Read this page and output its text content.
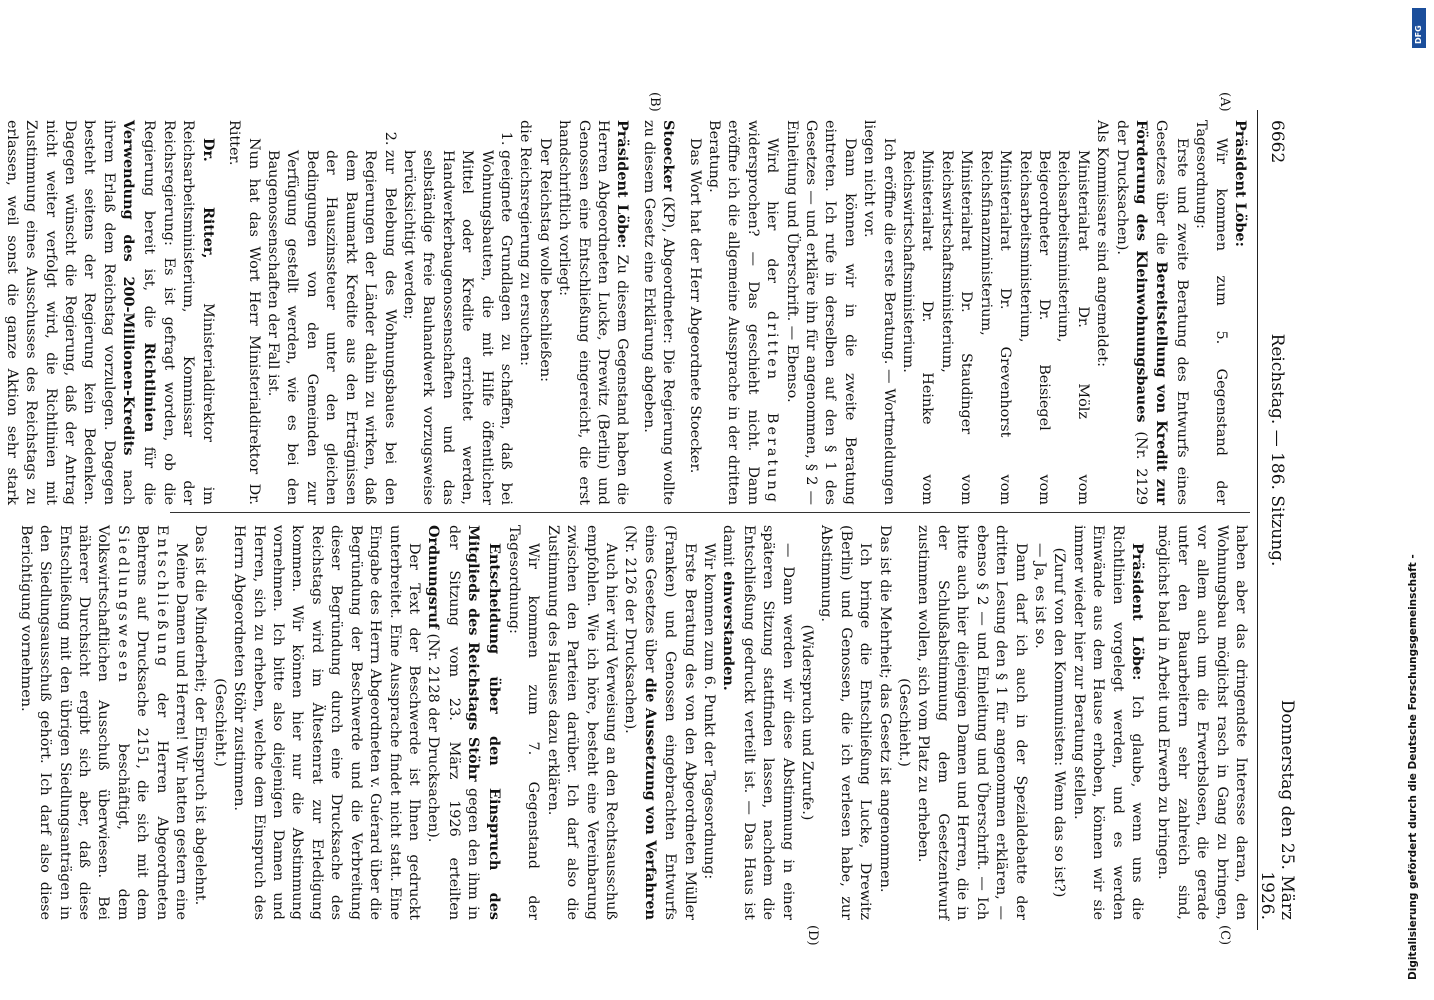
6662
Reichstag. — 186. Sitzung.
Donnerstag den 25. März 1926.
(A)
(B)
(C)
(D)

Präsident Löbe:

Wir kommen zum 5. Gegenstand der Tagesordnung:

Erste und zweite Beratung des Entwurfs eines Gesetzes über die Bereitstellung von Kredit zur Förderung des Kleinwohnungsbaues (Nr. 2129 der Drucksachen).

Als Kommissare sind angemeldet:

Ministerialrat Dr. Mölz vom Reichsarbeitsministerium,

Beigeordneter Dr. Beisiegel vom Reichsarbeitsministerium,

Ministerialrat Dr. Grevenhorst vom Reichsfinanzministerium,

Ministerialrat Dr. Staudinger vom Reichswirtschaftsministerium,

Ministerialrat Dr. Heinke vom Reichswirtschaftsministerium.

Ich eröffne die erste Beratung. — Wortmeldungen liegen nicht vor.

Dann können wir in die zweite Beratung eintreten. Ich rufe in derselben auf den § 1 des Gesetzes — und erkläre ihn für angenommen, § 2 — Einleitung und Überschrift. — Ebenso.

Wird hier der dritten Beratung widersprochen? — Das geschieht nicht. Dann eröffne ich die allgemeine Aussprache in der dritten Beratung.

Das Wort hat der Herr Abgeordnete Stoecker.

Stoecker (KP), Abgeordneter: Die Regierung wollte zu diesem Gesetz eine Erklärung abgeben.

Präsident Löbe: Zu diesem Gegenstand haben die Herren Abgeordneten Lucke, Drewitz (Berlin) und Genossen eine Entschließung eingereicht, die erst handschriftlich vorliegt:

Der Reichstag wolle beschließen:

die Reichsregierung zu ersuchen:

1. geeignete Grundlagen zu schaffen, daß bei Wohnungsbauten, die mit Hilfe öffentlicher Mittel oder Kredite errichtet werden, Handwerkerbaugenossenschaften und das selbständige freie Bauhandwerk vorzugsweise berücksichtigt werden;
2. zur Belebung des Wohnungsbaues bei den Regierungen der Länder dahin zu wirken, daß dem Baumarkt Kredite aus den Erträgnissen der Hauszinssteuer unter den gleichen Bedingungen von den Gemeinden zur Verfügung gestellt werden, wie es bei den Baugenossenschaften der Fall ist.

Nun hat das Wort Herr Ministerialdirektor Dr. Ritter.

Dr. Ritter, Ministerialdirektor im Reichsarbeitsministerium, Kommissar der Reichsregierung: Es ist gefragt worden, ob die Regierung bereit ist, die Richtlinien für die Verwendung des 200-Millionen-Kredits nach ihrem Erlaß dem Reichstag vorzulegen. Dagegen besteht seitens der Regierung kein Bedenken. Dagegen wünscht die Regierung, daß der Antrag nicht weiter verfolgt wird, die Richtlinien mit Zustimmung eines Ausschusses des Reichstags zu erlassen, weil sonst die ganze Aktion sehr stark

haben aber das dringendste Interesse daran, den Wohnungsbau möglichst rasch in Gang zu bringen, vor allem auch um die Erwerbslosen, die gerade unter den Bauarbeitern sehr zahlreich sind, möglichst bald in Arbeit und Erwerb zu bringen.

Präsident Löbe: Ich glaube, wenn uns die Richtlinien vorgelegt werden, und es werden Einwände aus dem Hause erhoben, können wir sie immer wieder hier zur Beratung stellen.

(Zuruf von den Kommunisten: Wenn das so ist?)

— Ja, es ist so.

Dann darf ich auch in der Spezialdebatte der dritten Lesung den § 1 für angenommen erklären, — ebenso § 2 — und Einleitung und Überschrift. — Ich bitte auch hier diejenigen Damen und Herren, die in der Schlußabstimmung dem Gesetzentwurf zustimmen wollen, sich vom Platz zu erheben.

(Geschieht.)

Das ist die Mehrheit; das Gesetz ist angenommen.

Ich bringe die Entschließung Lucke, Drewitz (Berlin) und Genossen, die ich verlesen habe, zur Abstimmung.

(Widerspruch und Zurufe.)

— Dann werden wir diese Abstimmung in einer späteren Sitzung stattfinden lassen, nachdem die Entschließung gedruckt verteilt ist. — Das Haus ist damit einverstanden.

Wir kommen zum 6. Punkt der Tagesordnung:

Erste Beratung des von den Abgeordneten Müller (Franken) und Genossen eingebrachten Entwurfs eines Gesetzes über die Aussetzung von Verfahren (Nr. 2126 der Drucksachen).

Auch hier wird Verweisung an den Rechtsausschuß empfohlen. Wie ich höre, besteht eine Vereinbarung zwischen den Parteien darüber. Ich darf also die Zustimmung des Hauses dazu erklären.

Wir kommen zum 7. Gegenstand der Tagesordnung:

Entscheidung über den Einspruch des Mitglieds des Reichstags Stöhr gegen den ihm in der Sitzung vom 23. März 1926 erteilten Ordnungsruf (Nr. 2128 der Drucksachen).

Der Text der Beschwerde ist Ihnen gedruckt unterbreitet. Eine Aussprache findet nicht statt. Eine Eingabe des Herrn Abgeordneten v. Guérard über die Begründung der Beschwerde und die Verbreitung dieser Begründung durch eine Drucksache des Reichstags wird im Ältestenrat zur Erledigung kommen. Wir können hier nur die Abstimmung vornehmen. Ich bitte also diejenigen Damen und Herren, sich zu erheben, welche dem Einspruch des Herrn Abgeordneten Stöhr zustimmen.

(Geschieht.)

Das ist die Minderheit; der Einspruch ist abgelehnt.

Meine Damen und Herren! Wir hatten gestern eine Entschließung der Herren Abgeordneten Behrens auf Drucksache 2151, die sich mit dem Siedlungswesen beschäftigt, dem Volkswirtschaftlichen Ausschuß überwiesen. Bei näherer Durchsicht ergibt sich aber, daß diese Entschließung mit den übrigen Siedlungsanträgen in den Siedlungsausschuß gehört. Ich darf also diese Berichtigung vornehmen.	Digitalisierung gefördert durch die Deutsche Forschungsgemeinschaft -
DFG
